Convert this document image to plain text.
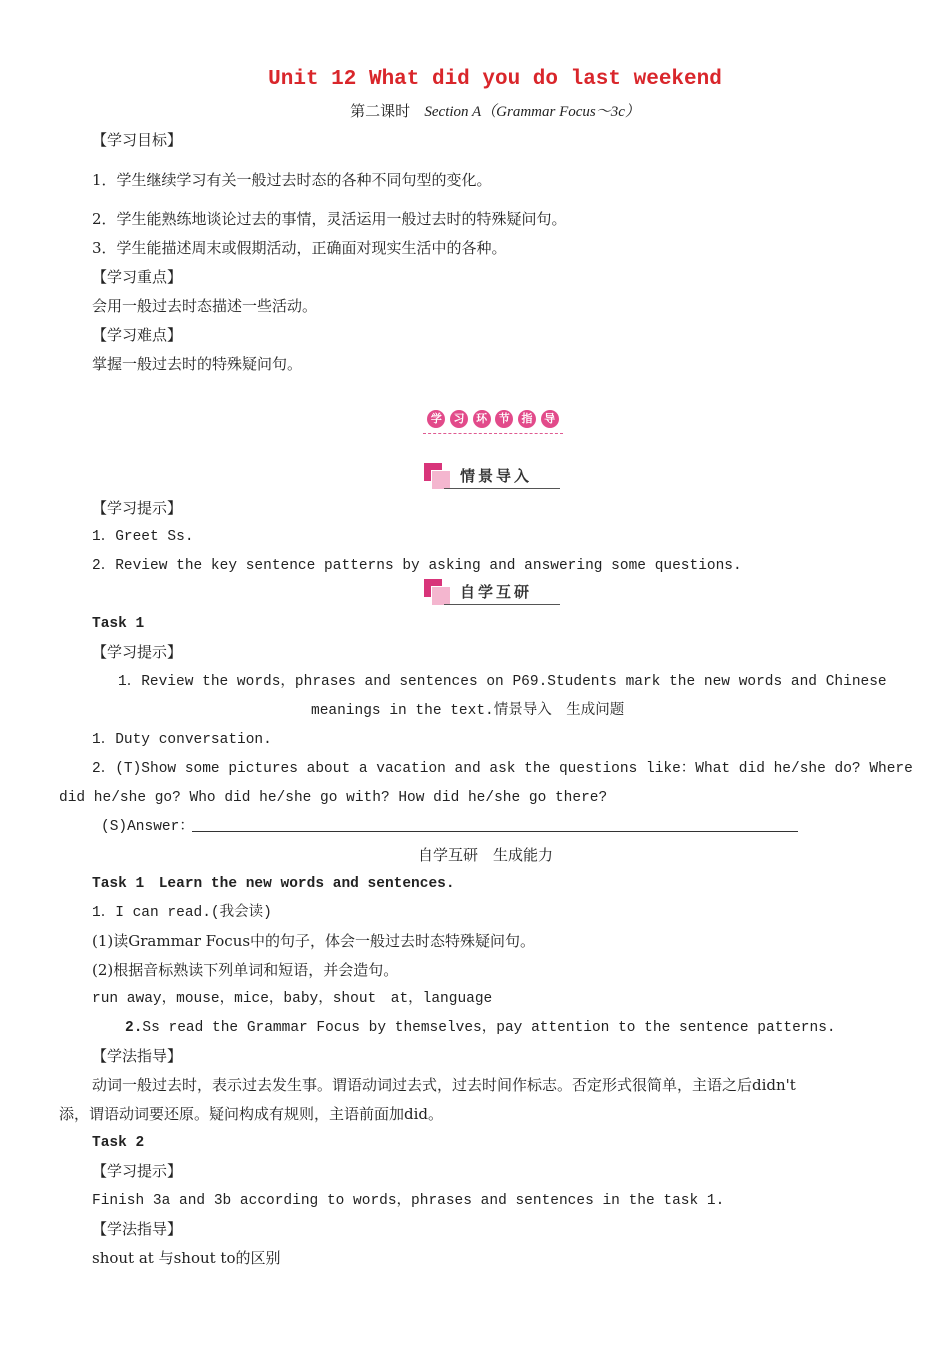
Unit 12 What did you do last weekend
第二课时 Section A（Grammar Focus～3c）
【学习目标】
1．学生继续学习有关一般过去时态的各种不同句型的变化。
2．学生能熟练地谈论过去的事情，灵活运用一般过去时的特殊疑问句。
3．学生能描述周末或假期活动，正确面对现实生活中的各种。
【学习重点】
会用一般过去时态描述一些活动。
【学习难点】
掌握一般过去时的特殊疑问句。
学	习	环	节	指	导
情景导入
【学习提示】
1．Greet Ss.
2．Review the key sentence patterns by asking and answering some questions.
自学互研
Task 1
【学习提示】
1．Review the words，phrases and sentences on P69.Students mark the new words and Chinese
meanings in the text.情景导入　生成问题
1．Duty conversation.
2．(T)Show some pictures about a vacation and ask the questions like：What did he/she do? Where
did he/she go? Who did he/she go with? How did he/she go there?
(S)Answer：
自学互研　生成能力
Task 1　Learn the new words and sentences.
1．I can read.(我会读)
(1)读Grammar Focus中的句子，体会一般过去时态特殊疑问句。
(2)根据音标熟读下列单词和短语，并会造句。
run away，mouse，mice，baby，shout　at，language
2.Ss read the Grammar Focus by themselves，pay attention to the sentence patterns.
【学法指导】
动词一般过去时，表示过去发生事。谓语动词过去式，过去时间作标志。否定形式很简单，主语之后didn't
添，谓语动词要还原。疑问构成有规则，主语前面加did。
Task 2
【学习提示】
Finish 3a and 3b according to words，phrases and sentences in the task 1.
【学法指导】
shout at 与shout to的区别
